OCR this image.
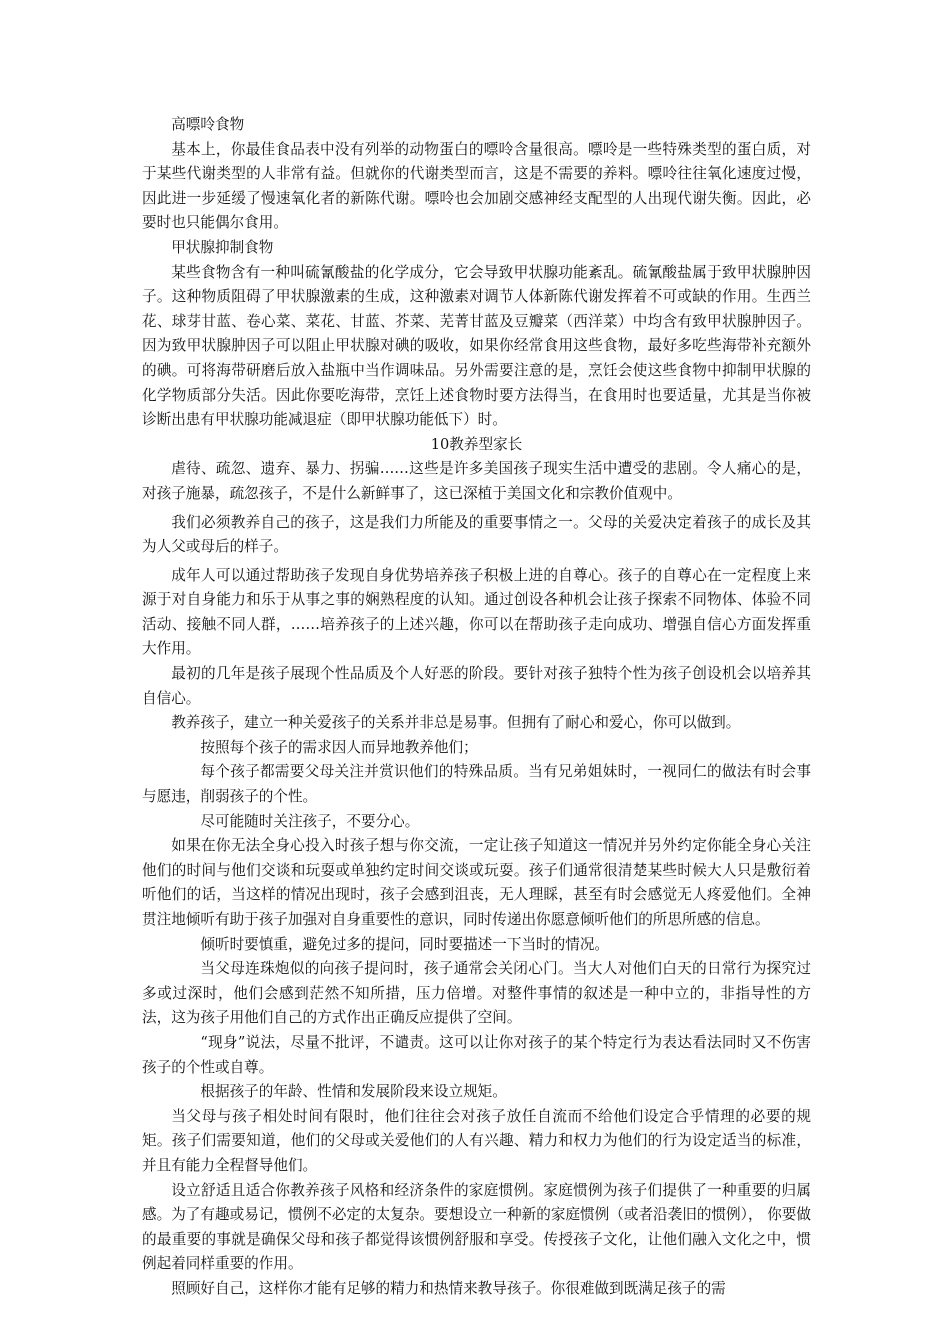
高嘌呤食物

基本上，你最佳食品表中没有列举的动物蛋白的嘌呤含量很高。嘌呤是一些特殊类型的蛋白质，对于某些代谢类型的人非常有益。但就你的代谢类型而言，这是不需要的养料。嘌呤往往氧化速度过慢，因此进一步延缓了慢速氧化者的新陈代谢。嘌呤也会加剧交感神经支配型的人出现代谢失衡。因此，必要时也只能偶尔食用。

甲状腺抑制食物

某些食物含有一种叫硫氰酸盐的化学成分，它会导致甲状腺功能紊乱。硫氰酸盐属于致甲状腺肿因子。这种物质阻碍了甲状腺激素的生成，这种激素对调节人体新陈代谢发挥着不可或缺的作用。生西兰花、球芽甘蓝、卷心菜、菜花、甘蓝、芥菜、芜菁甘蓝及豆瓣菜（西洋菜）中均含有致甲状腺肿因子。因为致甲状腺肿因子可以阻止甲状腺对碘的吸收，如果你经常食用这些食物，最好多吃些海带补充额外的碘。可将海带研磨后放入盐瓶中当作调味品。另外需要注意的是，烹饪会使这些食物中抑制甲状腺的化学物质部分失活。因此你要吃海带，烹饪上述食物时要方法得当，在食用时也要适量，尤其是当你被诊断出患有甲状腺功能减退症（即甲状腺功能低下）时。

10教养型家长

虐待、疏忽、遗弃、暴力、拐骗……这些是许多美国孩子现实生活中遭受的悲剧。令人痛心的是，对孩子施暴，疏忽孩子，不是什么新鲜事了，这已深植于美国文化和宗教价值观中。

我们必须教养自己的孩子，这是我们力所能及的重要事情之一。父母的关爱决定着孩子的成长及其为人父或母后的样子。

成年人可以通过帮助孩子发现自身优势培养孩子积极上进的自尊心。孩子的自尊心在一定程度上来源于对自身能力和乐于从事之事的娴熟程度的认知。通过创设各种机会让孩子探索不同物体、体验不同活动、接触不同人群，……培养孩子的上述兴趣，你可以在帮助孩子走向成功、增强自信心方面发挥重大作用。

最初的几年是孩子展现个性品质及个人好恶的阶段。要针对孩子独特个性为孩子创设机会以培养其自信心。

教养孩子，建立一种关爱孩子的关系并非总是易事。但拥有了耐心和爱心，你可以做到。

按照每个孩子的需求因人而异地教养他们；

每个孩子都需要父母关注并赏识他们的特殊品质。当有兄弟姐妹时，一视同仁的做法有时会事与愿违，削弱孩子的个性。

尽可能随时关注孩子，不要分心。

如果在你无法全身心投入时孩子想与你交流，一定让孩子知道这一情况并另外约定你能全身心关注他们的时间与他们交谈和玩耍或单独约定时间交谈或玩耍。孩子们通常很清楚某些时候大人只是敷衍着听他们的话，当这样的情况出现时，孩子会感到沮丧，无人理睬，甚至有时会感觉无人疼爱他们。全神贯注地倾听有助于孩子加强对自身重要性的意识，同时传递出你愿意倾听他们的所思所感的信息。

倾听时要慎重，避免过多的提问，同时要描述一下当时的情况。

当父母连珠炮似的向孩子提问时，孩子通常会关闭心门。当大人对他们白天的日常行为探究过多或过深时，他们会感到茫然不知所措，压力倍增。对整件事情的叙述是一种中立的，非指导性的方法，这为孩子用他们自己的方式作出正确反应提供了空间。

“现身”说法，尽量不批评，不谴责。这可以让你对孩子的某个特定行为表达看法同时又不伤害孩子的个性或自尊。

根据孩子的年龄、性情和发展阶段来设立规矩。

当父母与孩子相处时间有限时，他们往往会对孩子放任自流而不给他们设定合乎情理的必要的规矩。孩子们需要知道，他们的父母或关爱他们的人有兴趣、精力和权力为他们的行为设定适当的标准，并且有能力全程督导他们。

设立舒适且适合你教养孩子风格和经济条件的家庭惯例。家庭惯例为孩子们提供了一种重要的归属感。为了有趣或易记，惯例不必定的太复杂。要想设立一种新的家庭惯例（或者沿袭旧的惯例）， 你要做的最重要的事就是确保父母和孩子都觉得该惯例舒服和享受。传授孩子文化，让他们融入文化之中，惯例起着同样重要的作用。

照顾好自己，这样你才能有足够的精力和热情来教导孩子。你很难做到既满足孩子的需
